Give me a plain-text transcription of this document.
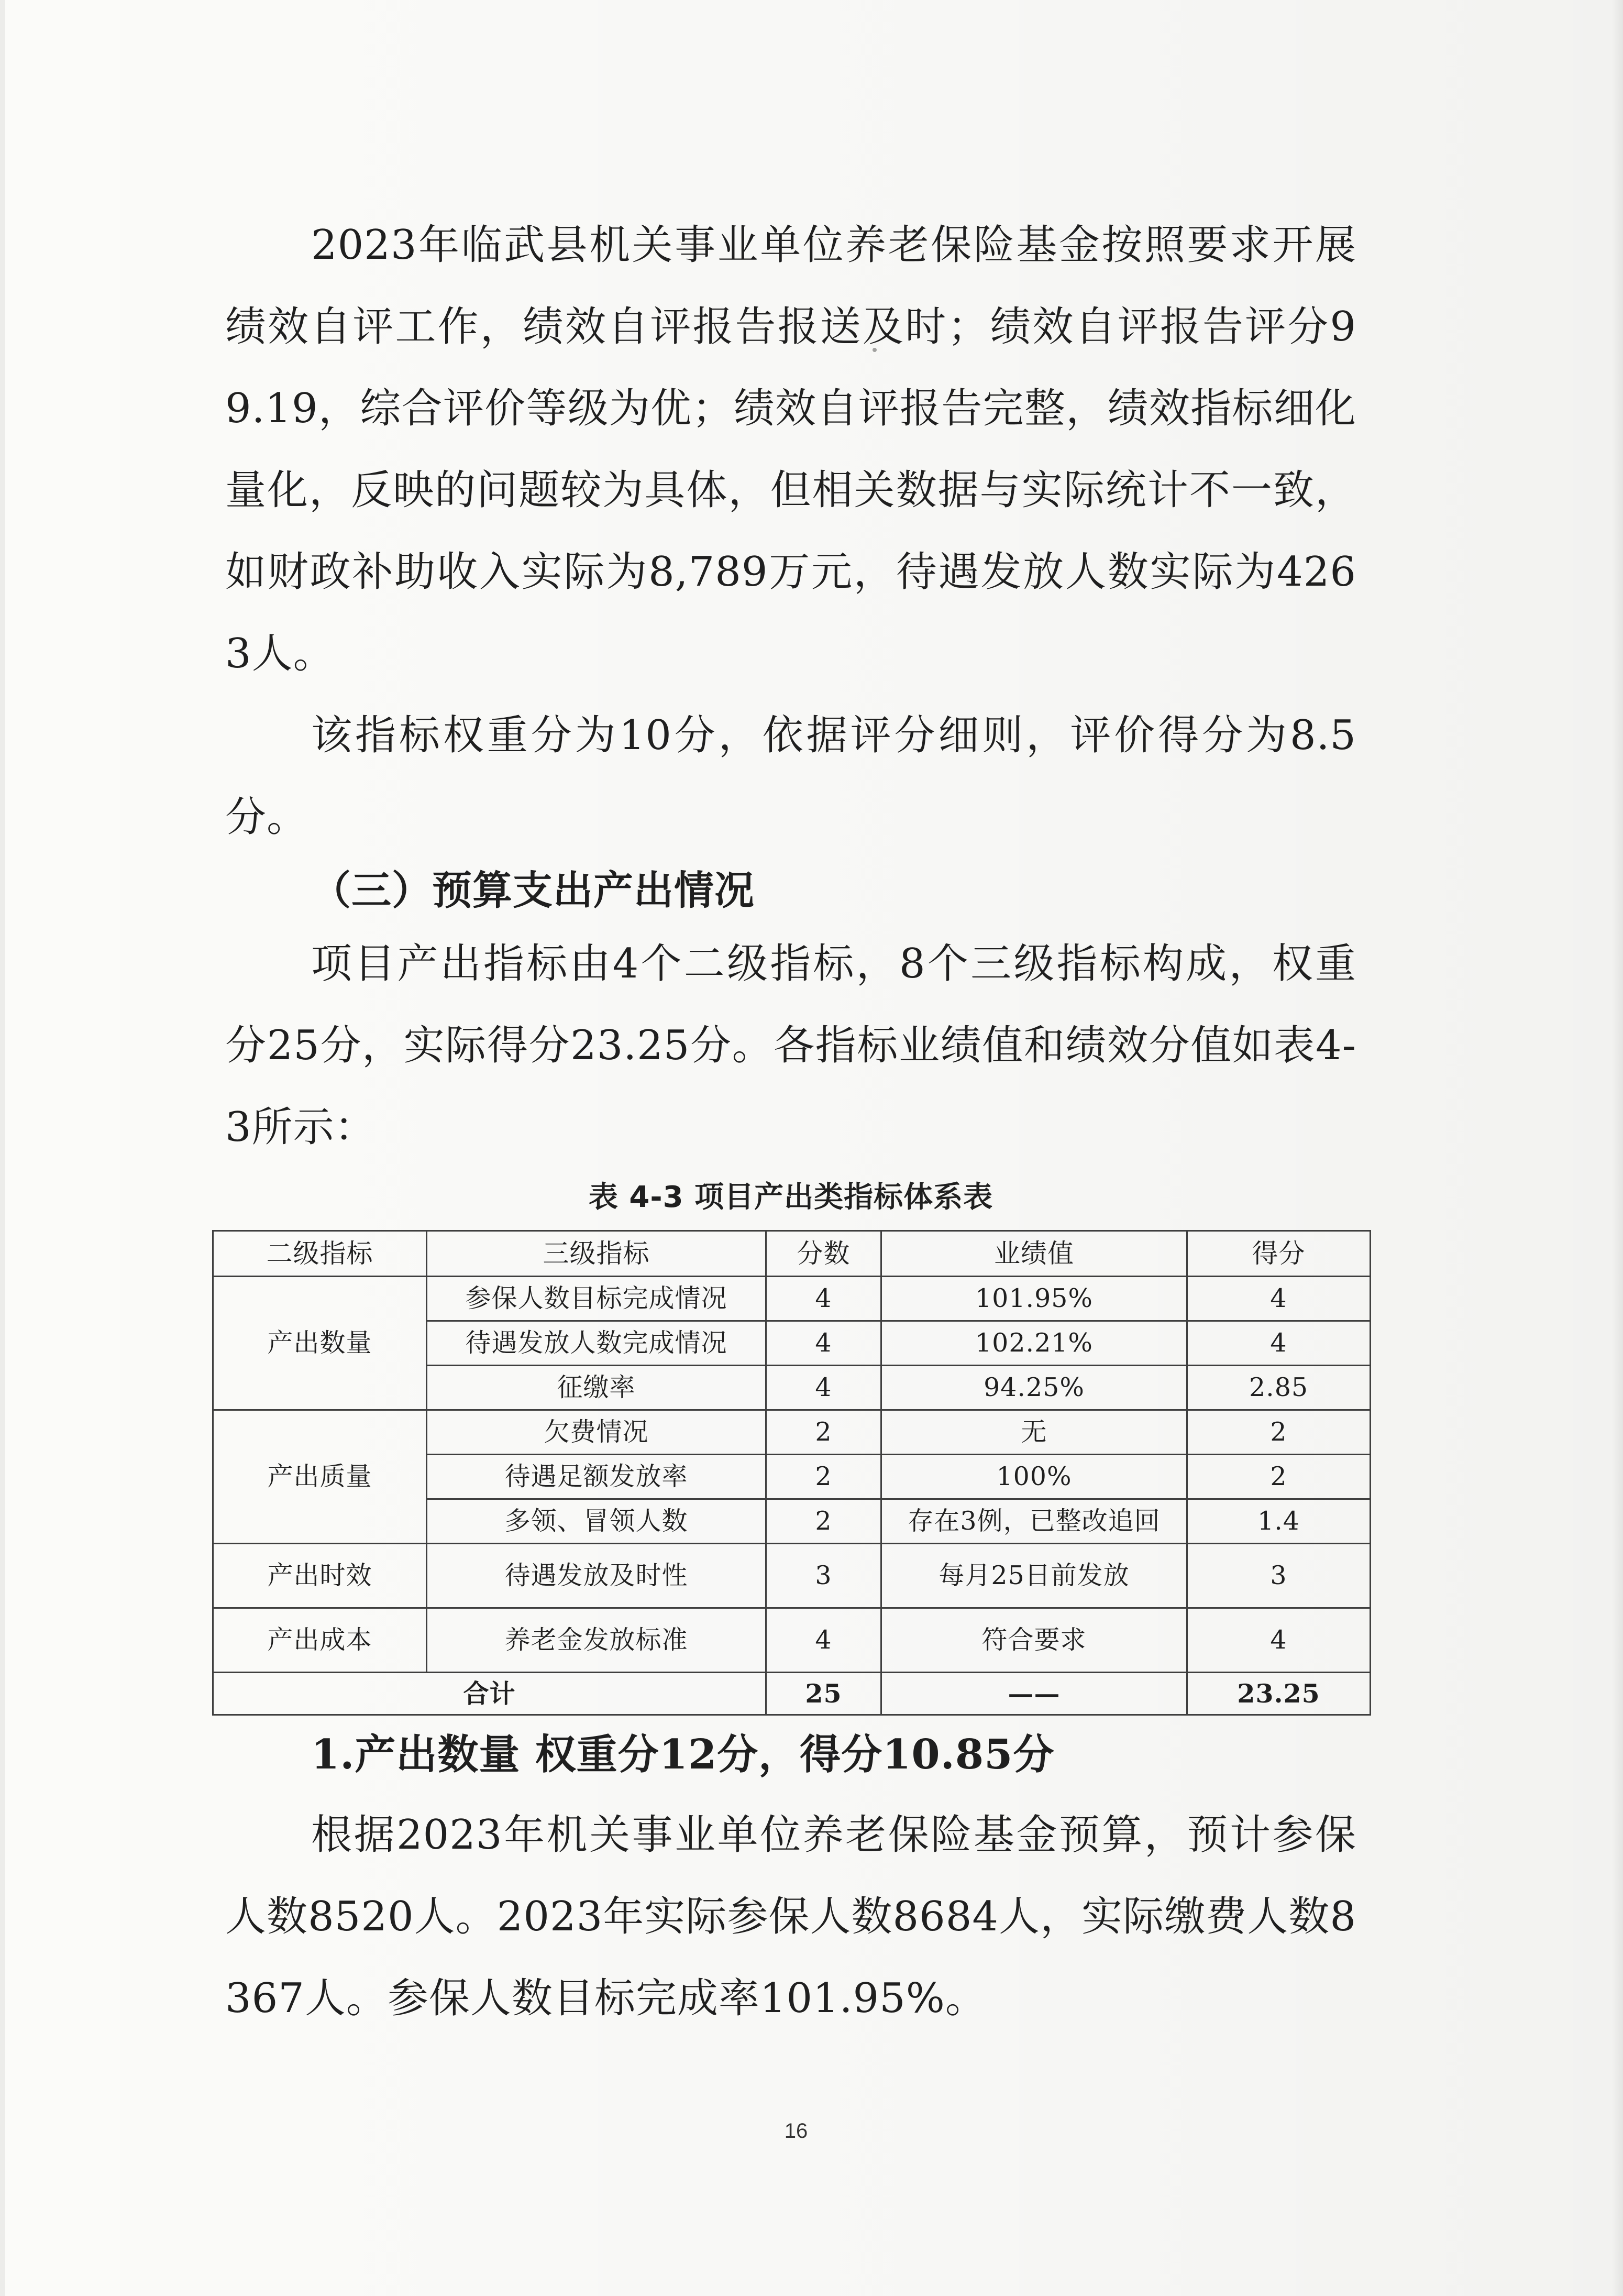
2023年临武县机关事业单位养老保险基金按照要求开展绩效自评工作，绩效自评报告报送及时；绩效自评报告评分99.19，综合评价等级为优；绩效自评报告完整，绩效指标细化量化，反映的问题较为具体，但相关数据与实际统计不一致，如财政补助收入实际为8,789万元，待遇发放人数实际为4263人。

该指标权重分为10分，依据评分细则，评价得分为8.5分。

（三）预算支出产出情况

项目产出指标由4个二级指标，8个三级指标构成，权重分25分，实际得分23.25分。各指标业绩值和绩效分值如表4-3所示：

表 4-3 项目产出类指标体系表
二级指标	三级指标	分数	业绩值	得分
产出数量	参保人数目标完成情况	4	101.95%	4
	待遇发放人数完成情况	4	102.21%	4
	征缴率	4	94.25%	2.85
产出质量	欠费情况	2	无	2
	待遇足额发放率	2	100%	2
	多领、冒领人数	2	存在3例，已整改追回	1.4
产出时效	待遇发放及时性	3	每月25日前发放	3
产出成本	养老金发放标准	4	符合要求	4
合计		25	——	23.25

1.产出数量 权重分12分，得分10.85分

根据2023年机关事业单位养老保险基金预算，预计参保人数8520人。2023年实际参保人数8684人，实际缴费人数8367人。参保人数目标完成率101.95%。

16
